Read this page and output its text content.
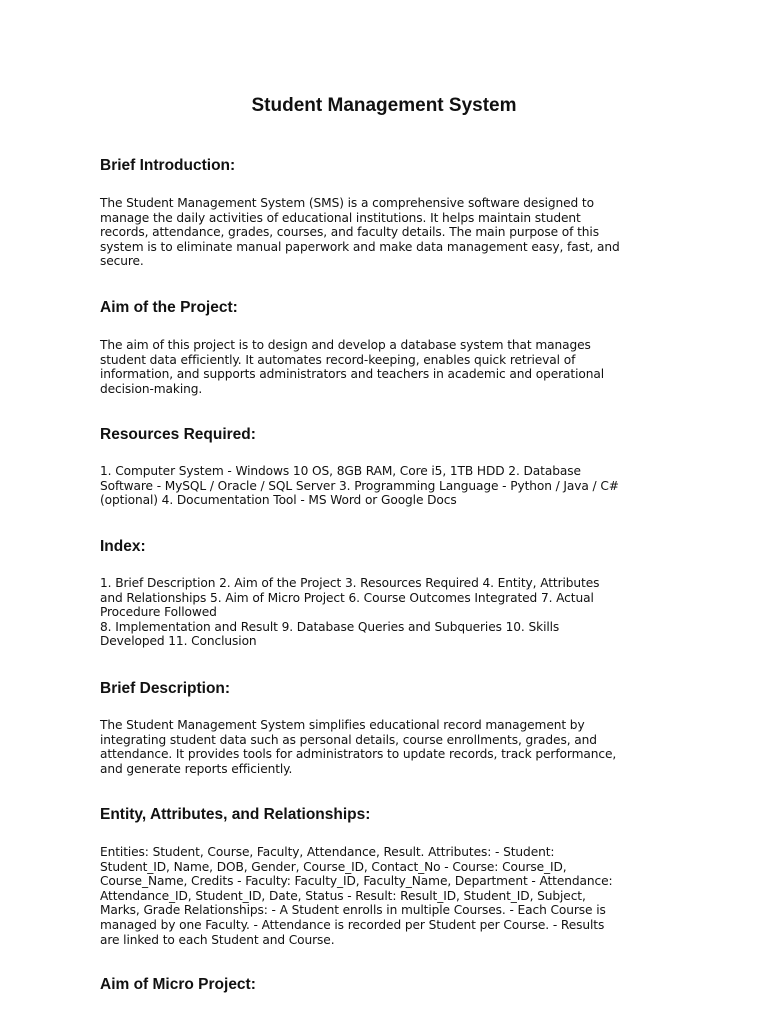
Student Management System
Brief Introduction:
The Student Management System (SMS) is a comprehensive software designed to
manage the daily activities of educational institutions. It helps maintain student
records, attendance, grades, courses, and faculty details. The main purpose of this
system is to eliminate manual paperwork and make data management easy, fast, and
secure.
Aim of the Project:
The aim of this project is to design and develop a database system that manages
student data efficiently. It automates record-keeping, enables quick retrieval of
information, and supports administrators and teachers in academic and operational
decision-making.
Resources Required:
1. Computer System - Windows 10 OS, 8GB RAM, Core i5, 1TB HDD 2. Database
Software - MySQL / Oracle / SQL Server 3. Programming Language - Python / Java / C#
(optional) 4. Documentation Tool - MS Word or Google Docs
Index:
1. Brief Description 2. Aim of the Project 3. Resources Required 4. Entity, Attributes
and Relationships 5. Aim of Micro Project 6. Course Outcomes Integrated 7. Actual
Procedure Followed
8. Implementation and Result 9. Database Queries and Subqueries 10. Skills
Developed 11. Conclusion
Brief Description:
The Student Management System simplifies educational record management by
integrating student data such as personal details, course enrollments, grades, and
attendance. It provides tools for administrators to update records, track performance,
and generate reports efficiently.
Entity, Attributes, and Relationships:
Entities: Student, Course, Faculty, Attendance, Result. Attributes: - Student:
Student_ID, Name, DOB, Gender, Course_ID, Contact_No - Course: Course_ID,
Course_Name, Credits - Faculty: Faculty_ID, Faculty_Name, Department - Attendance:
Attendance_ID, Student_ID, Date, Status - Result: Result_ID, Student_ID, Subject,
Marks, Grade Relationships: - A Student enrolls in multiple Courses. - Each Course is
managed by one Faculty. - Attendance is recorded per Student per Course. - Results
are linked to each Student and Course.
Aim of Micro Project:
